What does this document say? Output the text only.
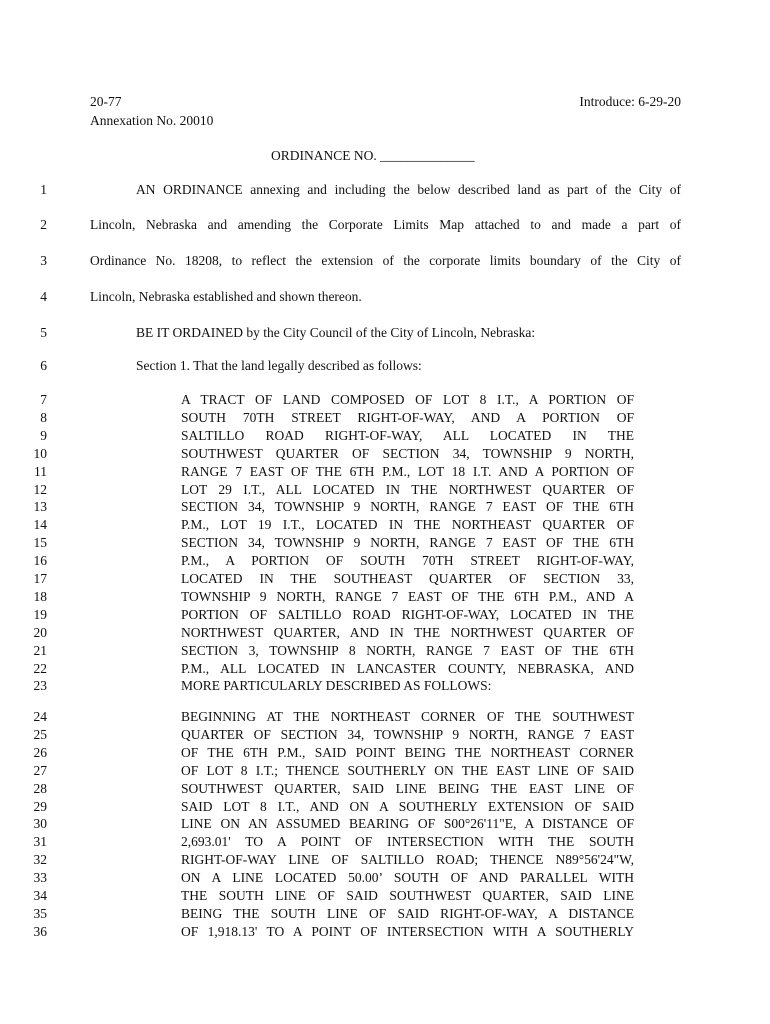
20-77
Annexation No. 20010
Introduce: 6-29-20
ORDINANCE NO. ______________
1	AN ORDINANCE annexing and including the below described land as part of the City of
2	Lincoln, Nebraska and amending the Corporate Limits Map attached to and made a part of
3	Ordinance No. 18208, to reflect the extension of the corporate limits boundary of the City of
4	Lincoln, Nebraska established and shown thereon.
5	BE IT ORDAINED by the City Council of the City of Lincoln, Nebraska:
6	Section 1. That the land legally described as follows:
7	A TRACT OF LAND COMPOSED OF LOT 8 I.T., A PORTION OF
8	SOUTH 70TH STREET RIGHT-OF-WAY, AND A PORTION OF
9	SALTILLO ROAD RIGHT-OF-WAY, ALL LOCATED IN THE
10	SOUTHWEST QUARTER OF SECTION 34, TOWNSHIP 9 NORTH,
11	RANGE 7 EAST OF THE 6TH P.M., LOT 18 I.T. AND A PORTION OF
12	LOT 29 I.T., ALL LOCATED IN THE NORTHWEST QUARTER OF
13	SECTION 34, TOWNSHIP 9 NORTH, RANGE 7 EAST OF THE 6TH
14	P.M., LOT 19 I.T., LOCATED IN THE NORTHEAST QUARTER OF
15	SECTION 34, TOWNSHIP 9 NORTH, RANGE 7 EAST OF THE 6TH
16	P.M., A PORTION OF SOUTH 70TH STREET RIGHT-OF-WAY,
17	LOCATED IN THE SOUTHEAST QUARTER OF SECTION 33,
18	TOWNSHIP 9 NORTH, RANGE 7 EAST OF THE 6TH P.M., AND A
19	PORTION OF SALTILLO ROAD RIGHT-OF-WAY, LOCATED IN THE
20	NORTHWEST QUARTER, AND IN THE NORTHWEST QUARTER OF
21	SECTION 3, TOWNSHIP 8 NORTH, RANGE 7 EAST OF THE 6TH
22	P.M., ALL LOCATED IN LANCASTER COUNTY, NEBRASKA, AND
23	MORE PARTICULARLY DESCRIBED AS FOLLOWS:
24	BEGINNING AT THE NORTHEAST CORNER OF THE SOUTHWEST
25	QUARTER OF SECTION 34, TOWNSHIP 9 NORTH, RANGE 7 EAST
26	OF THE 6TH P.M., SAID POINT BEING THE NORTHEAST CORNER
27	OF LOT 8 I.T.; THENCE SOUTHERLY ON THE EAST LINE OF SAID
28	SOUTHWEST QUARTER, SAID LINE BEING THE EAST LINE OF
29	SAID LOT 8 I.T., AND ON A SOUTHERLY EXTENSION OF SAID
30	LINE ON AN ASSUMED BEARING OF S00°26'11"E, A DISTANCE OF
31	2,693.01' TO A POINT OF INTERSECTION WITH THE SOUTH
32	RIGHT-OF-WAY LINE OF SALTILLO ROAD; THENCE N89°56'24"W,
33	ON A LINE LOCATED 50.00’ SOUTH OF AND PARALLEL WITH
34	THE SOUTH LINE OF SAID SOUTHWEST QUARTER, SAID LINE
35	BEING THE SOUTH LINE OF SAID RIGHT-OF-WAY, A DISTANCE
36	OF 1,918.13' TO A POINT OF INTERSECTION WITH A SOUTHERLY
